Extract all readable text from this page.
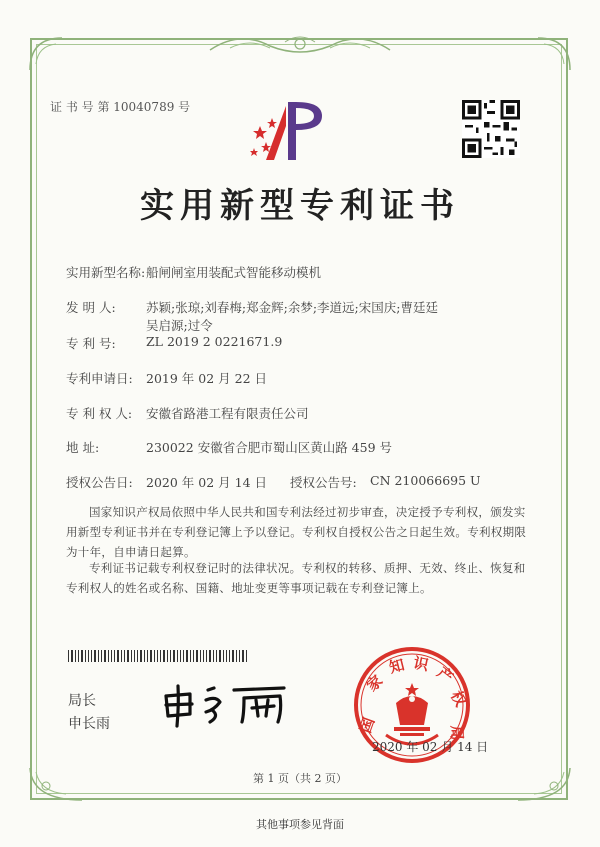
证 书 号 第 10040789 号
实用新型专利证书
实用新型名称: 船闸闸室用装配式智能移动模机
发 明 人: 苏颖;张琼;刘春梅;郑金辉;余梦;李道远;宋国庆;曹廷廷
吴启源;过令
专 利 号: ZL 2019 2 0221671.9
专利申请日: 2019 年 02 月 22 日
专 利 权 人: 安徽省路港工程有限责任公司
地 址:	230022 安徽省合肥市蜀山区黄山路 459 号
授权公告日: 2020 年 02 月 14 日 授权公告号: CN 210066695 U
国家知识产权局依照中华人民共和国专利法经过初步审查，决定授予专利权，颁发实用新型专利证书并在专利登记簿上予以登记。专利权自授权公告之日起生效。专利权期限为十年，自申请日起算。
专利证书记载专利权登记时的法律状况。专利权的转移、质押、无效、终止、恢复和专利权人的姓名或名称、国籍、地址变更等事项记载在专利登记簿上。
局长
申长雨	国
家
知 识 产
权
局
2020 年 02 月 14 日
第 1 页（共 2 页）
其他事项参见背面
